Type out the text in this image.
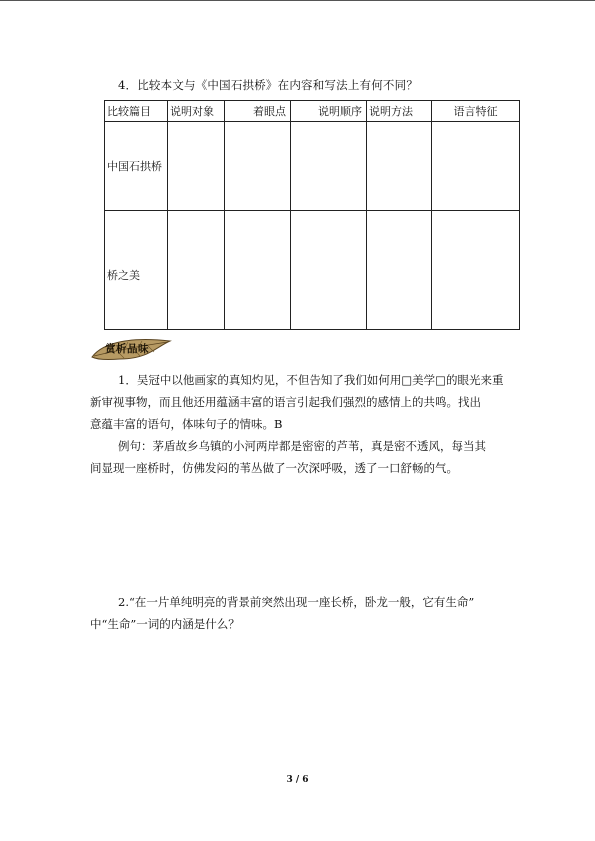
4．比较本文与《中国石拱桥》在内容和写法上有何不同？
比较篇目	说明对象	着眼点	说明顺序	说明方法	语言特征
中国石拱桥					
桥之美					
赏析品味
1．吴冠中以他画家的真知灼见，不但告知了我们如何用□美学□的眼光来重
新审视事物，而且他还用蕴涵丰富的语言引起我们强烈的感情上的共鸣。找出
意蕴丰富的语句，体味句子的情味。B
例句：茅盾故乡乌镇的小河两岸都是密密的芦苇，真是密不透风，每当其
间显现一座桥时，仿佛发闷的苇丛做了一次深呼吸，透了一口舒畅的气。
2.“在一片单纯明亮的背景前突然出现一座长桥，卧龙一般，它有生命”
中“生命”一词的内涵是什么？
3 / 6
